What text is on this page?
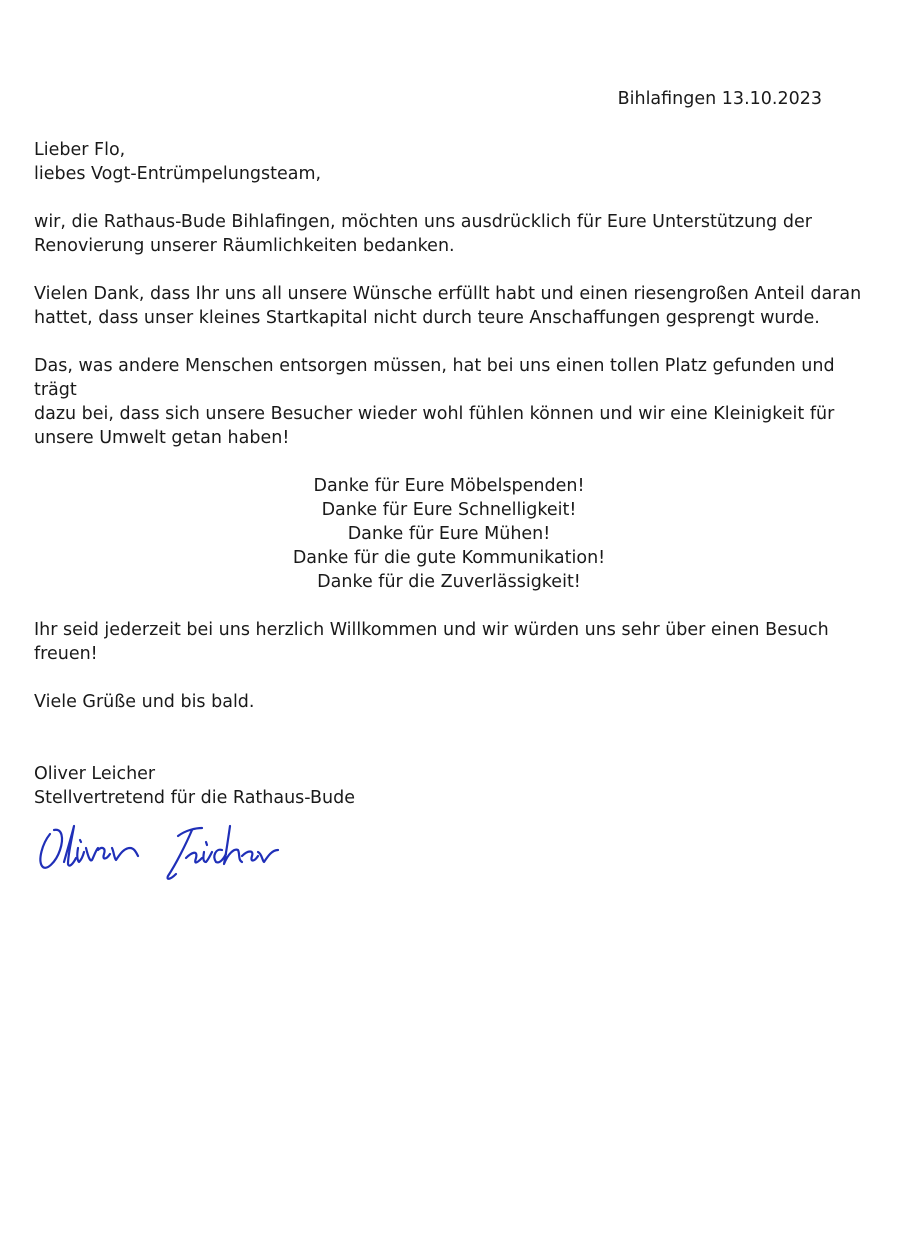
Bihlafingen 13.10.2023
Lieber Flo,
liebes Vogt-Entrümpelungsteam,
wir, die Rathaus-Bude Bihlafingen, möchten uns ausdrücklich für Eure Unterstützung der
Renovierung unserer Räumlichkeiten bedanken.
Vielen Dank, dass Ihr uns all unsere Wünsche erfüllt habt und einen riesengroßen Anteil daran
hattet, dass unser kleines Startkapital nicht durch teure Anschaffungen gesprengt wurde.
Das, was andere Menschen entsorgen müssen, hat bei uns einen tollen Platz gefunden und trägt
dazu bei, dass sich unsere Besucher wieder wohl fühlen können und wir eine Kleinigkeit für
unsere Umwelt getan haben!
Danke für Eure Möbelspenden!
Danke für Eure Schnelligkeit!
Danke für Eure Mühen!
Danke für die gute Kommunikation!
Danke für die Zuverlässigkeit!
Ihr seid jederzeit bei uns herzlich Willkommen und wir würden uns sehr über einen Besuch
freuen!
Viele Grüße und bis bald.
Oliver Leicher
Stellvertretend für die Rathaus-Bude
